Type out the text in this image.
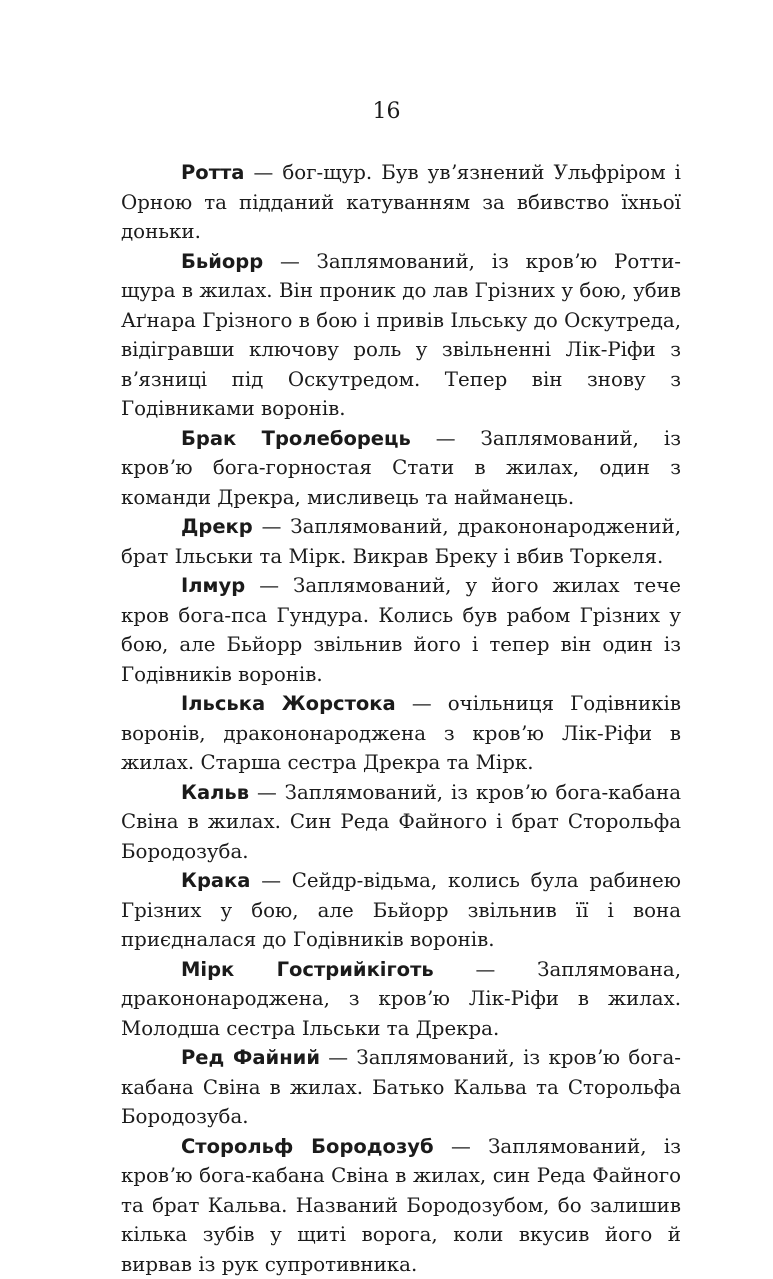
16

Ротта — бог-щур. Був увʼязнений Ульфріром і Орною та підданий катуванням за вбивство їхньої доньки.

Бьйорр — Заплямований, із кровʼю Ротти-щура в жилах. Він проник до лав Грізних у бою, убив Аґнара Грізного в бою і привів Ільську до Оскутреда, відігравши ключову роль у звільненні Лік-Ріфи з вʼязниці під Оскутредом. Тепер він знову з Годівниками воронів.

Брак Тролеборець — Заплямований, із кровʼю бога-горностая Стати в жилах, один з команди Дрекра, мисливець та найманець.

Дрекр — Заплямований, дракононароджений, брат Ільськи та Мірк. Викрав Бреку і вбив Торкеля.

Ілмур — Заплямований, у його жилах тече кров бога-пса Гундура. Колись був рабом Грізних у бою, але Бьйорр звільнив його і тепер він один із Годівників воронів.

Ільська Жорстока — очільниця Годівників воронів, дракононароджена з кровʼю Лік-Ріфи в жилах. Старша сестра Дрекра та Мірк.

Кальв — Заплямований, із кровʼю бога-кабана Свіна в жилах. Син Реда Файного і брат Сторольфа Бородозуба.

Крака — Сейдр-відьма, колись була рабинею Грізних у бою, але Бьйорр звільнив її і вона приєдналася до Годівників воронів.

Мірк Гострийкіготь — Заплямована, дракононароджена, з кровʼю Лік-Ріфи в жилах. Молодша сестра Ільськи та Дрекра.

Ред Файний — Заплямований, із кровʼю бога-кабана Свіна в жилах. Батько Кальва та Сторольфа Бородозуба.

Сторольф Бородозуб — Заплямований, із кровʼю бога-кабана Свіна в жилах, син Реда Файного та брат Кальва. Названий Бородозубом, бо залишив кілька зубів у щиті ворога, коли вкусив його й вирвав із рук супротивника.
